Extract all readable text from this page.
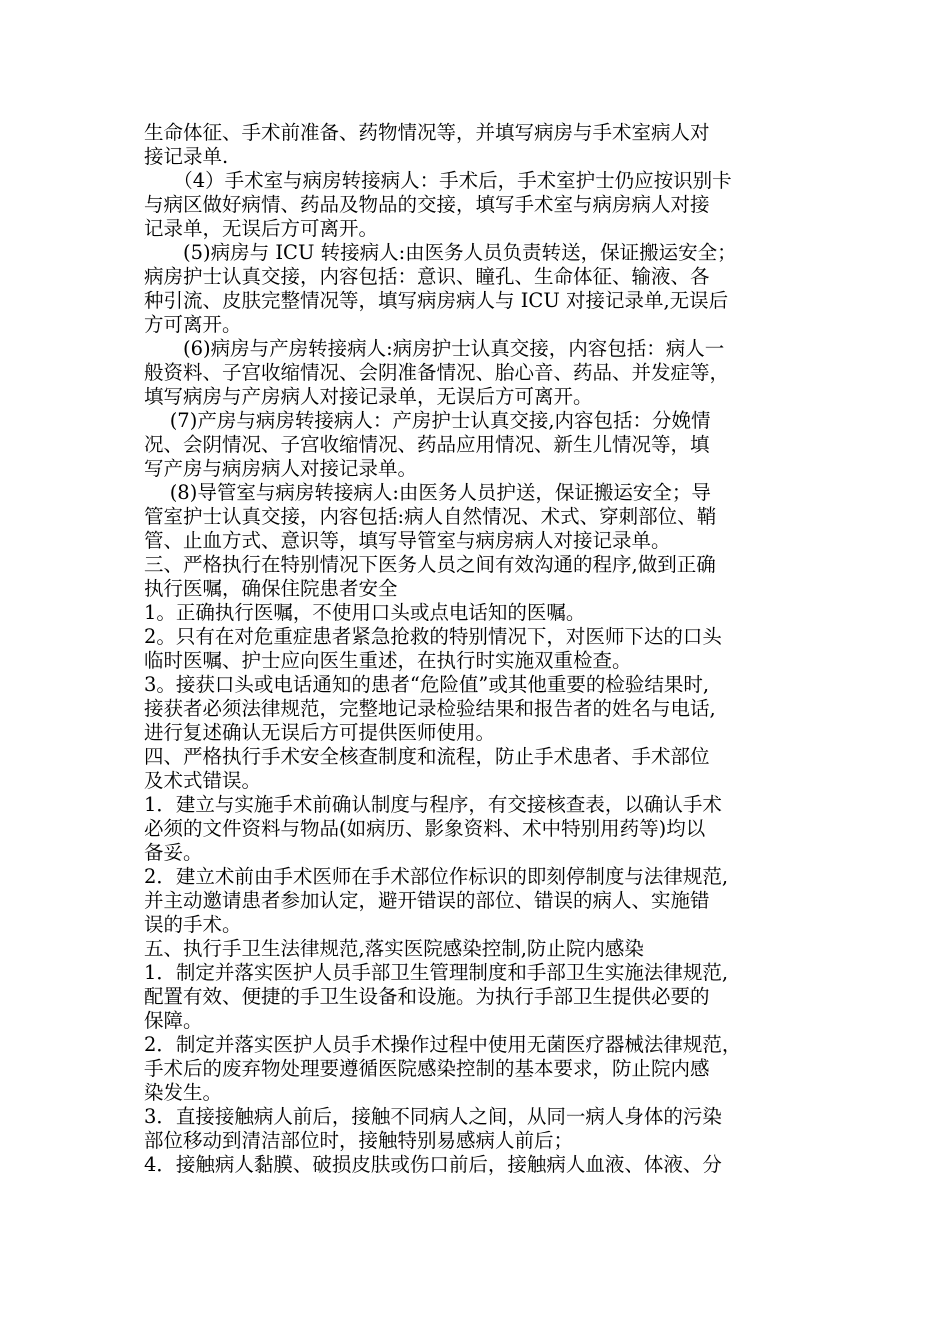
生命体征、手术前准备、药物情况等，并填写病房与手术室病人对

接记录单.

　　（4）手术室与病房转接病人：手术后，手术室护士仍应按识别卡

与病区做好病情、药品及物品的交接，填写手术室与病房病人对接

记录单，无误后方可离开。

　　(5)病房与 ICU 转接病人:由医务人员负责转送，保证搬运安全；

病房护士认真交接，内容包括：意识、瞳孔、生命体征、输液、各

种引流、皮肤完整情况等，填写病房病人与 ICU 对接记录单,无误后

方可离开。

　　(6)病房与产房转接病人:病房护士认真交接，内容包括：病人一

般资料、子宫收缩情况、会阴准备情况、胎心音、药品、并发症等，

填写病房与产房病人对接记录单，无误后方可离开。

　 (7)产房与病房转接病人：产房护士认真交接,内容包括：分娩情

况、会阴情况、子宫收缩情况、药品应用情况、新生儿情况等，填

写产房与病房病人对接记录单。

　 (8)导管室与病房转接病人:由医务人员护送，保证搬运安全；导

管室护士认真交接，内容包括:病人自然情况、术式、穿刺部位、鞘

管、止血方式、意识等，填写导管室与病房病人对接记录单。

三、严格执行在特别情况下医务人员之间有效沟通的程序,做到正确

执行医嘱，确保住院患者安全

1。正确执行医嘱，不使用口头或点电话知的医嘱。

2。只有在对危重症患者紧急抢救的特别情况下，对医师下达的口头

临时医嘱、护士应向医生重述，在执行时实施双重检查。

3。接获口头或电话通知的患者“危险值”或其他重要的检验结果时,

接获者必须法律规范，完整地记录检验结果和报告者的姓名与电话,

进行复述确认无误后方可提供医师使用。

四、严格执行手术安全核查制度和流程，防止手术患者、手术部位

及术式错误。

1．建立与实施手术前确认制度与程序，有交接核查表，以确认手术

必须的文件资料与物品(如病历、影象资料、术中特别用药等)均以

备妥。

2．建立术前由手术医师在手术部位作标识的即刻停制度与法律规范,

并主动邀请患者参加认定，避开错误的部位、错误的病人、实施错

误的手术。

五、执行手卫生法律规范,落实医院感染控制,防止院内感染

1．制定并落实医护人员手部卫生管理制度和手部卫生实施法律规范,

配置有效、便捷的手卫生设备和设施。为执行手部卫生提供必要的

保障。

2．制定并落实医护人员手术操作过程中使用无菌医疗器械法律规范，

手术后的废弃物处理要遵循医院感染控制的基本要求，防止院内感

染发生。

3．直接接触病人前后，接触不同病人之间，从同一病人身体的污染

部位移动到清洁部位时，接触特别易感病人前后；

4．接触病人黏膜、破损皮肤或伤口前后，接触病人血液、体液、分
